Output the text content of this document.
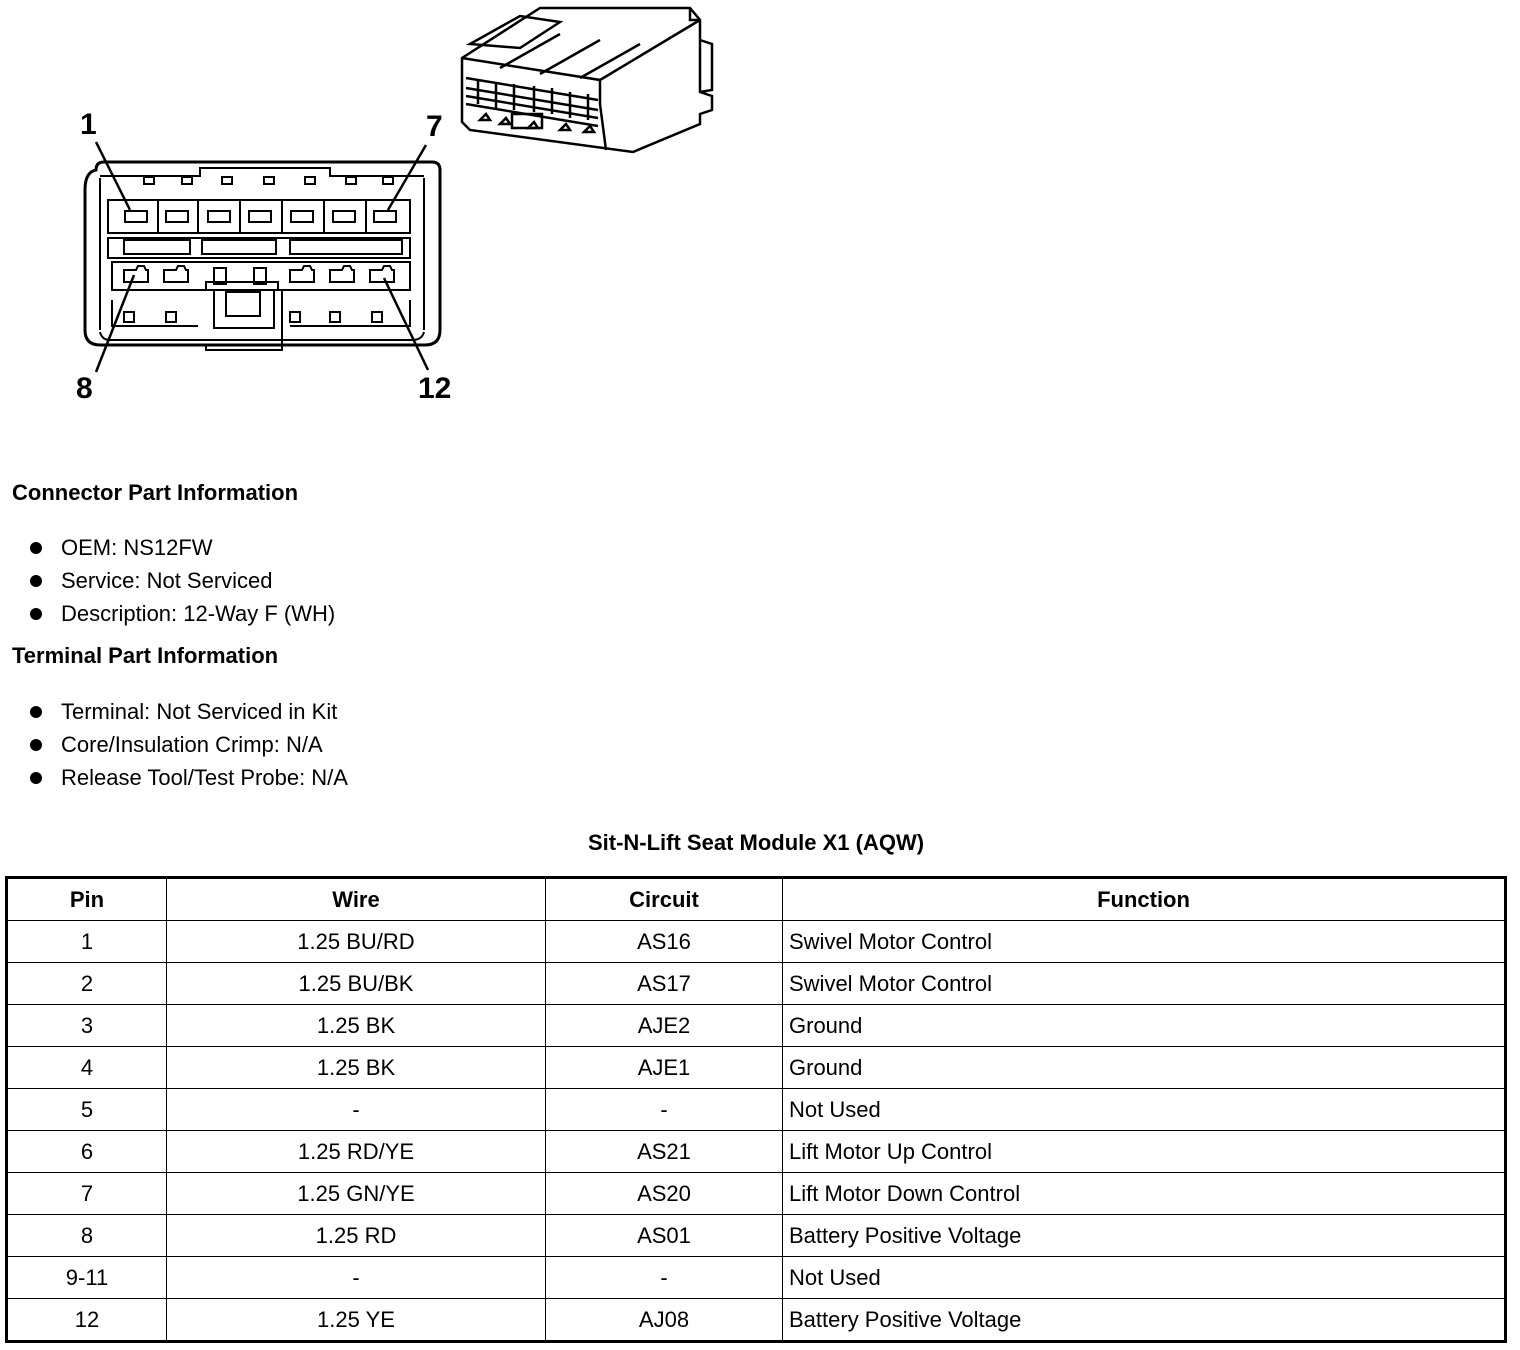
1	7
8	12
Connector Part Information
OEM: NS12FW
Service: Not Serviced
Description: 12-Way F (WH)
Terminal Part Information
Terminal: Not Serviced in Kit
Core/Insulation Crimp: N/A
Release Tool/Test Probe: N/A
Sit-N-Lift Seat Module X1 (AQW)
Pin	Wire	Circuit	Function
1	1.25 BU/RD	AS16	Swivel Motor Control
2	1.25 BU/BK	AS17	Swivel Motor Control
3	1.25 BK	AJE2	Ground
4	1.25 BK	AJE1	Ground
5	-	-	Not Used
6	1.25 RD/YE	AS21	Lift Motor Up Control
7	1.25 GN/YE	AS20	Lift Motor Down Control
8	1.25 RD	AS01	Battery Positive Voltage
9-11	-	-	Not Used
12	1.25 YE	AJ08	Battery Positive Voltage
